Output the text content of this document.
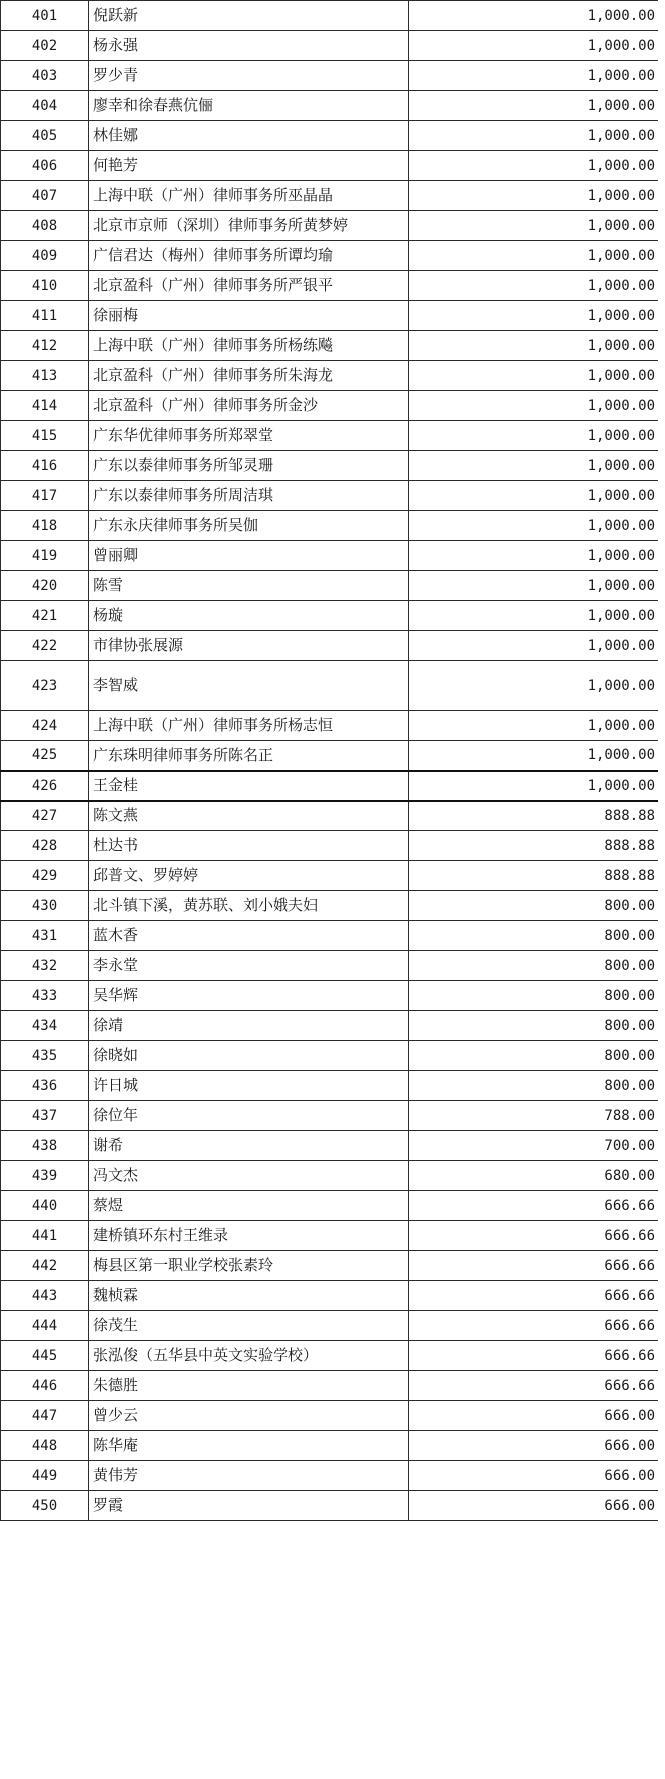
401	倪跃新	1,000.00
402	杨永强	1,000.00
403	罗少青	1,000.00
404	廖幸和徐春燕伉俪	1,000.00
405	林佳娜	1,000.00
406	何艳芳	1,000.00
407	上海中联（广州）律师事务所巫晶晶	1,000.00
408	北京市京师（深圳）律师事务所黄梦婷	1,000.00
409	广信君达（梅州）律师事务所谭均瑜	1,000.00
410	北京盈科（广州）律师事务所严银平	1,000.00
411	徐丽梅	1,000.00
412	上海中联（广州）律师事务所杨练飚	1,000.00
413	北京盈科（广州）律师事务所朱海龙	1,000.00
414	北京盈科（广州）律师事务所金沙	1,000.00
415	广东华优律师事务所郑翠堂	1,000.00
416	广东以泰律师事务所邹灵珊	1,000.00
417	广东以泰律师事务所周洁琪	1,000.00
418	广东永庆律师事务所吴伽	1,000.00
419	曾丽卿	1,000.00
420	陈雪	1,000.00
421	杨璇	1,000.00
422	市律协张展源	1,000.00
423	李智威	1,000.00
424	上海中联（广州）律师事务所杨志恒	1,000.00
425	广东珠明律师事务所陈名正	1,000.00
426	王金桂	1,000.00
427	陈文燕	888.88
428	杜达书	888.88
429	邱普文、罗婷婷	888.88
430	北斗镇下溪，黄苏联、刘小娥夫妇	800.00
431	蓝木香	800.00
432	李永堂	800.00
433	吴华辉	800.00
434	徐靖	800.00
435	徐晓如	800.00
436	许日城	800.00
437	徐位年	788.00
438	谢希	700.00
439	冯文杰	680.00
440	蔡煜	666.66
441	建桥镇环东村王维录	666.66
442	梅县区第一职业学校张素玲	666.66
443	魏桢霖	666.66
444	徐茂生	666.66
445	张泓俊（五华县中英文实验学校）	666.66
446	朱德胜	666.66
447	曾少云	666.00
448	陈华庵	666.00
449	黄伟芳	666.00
450	罗霞	666.00
